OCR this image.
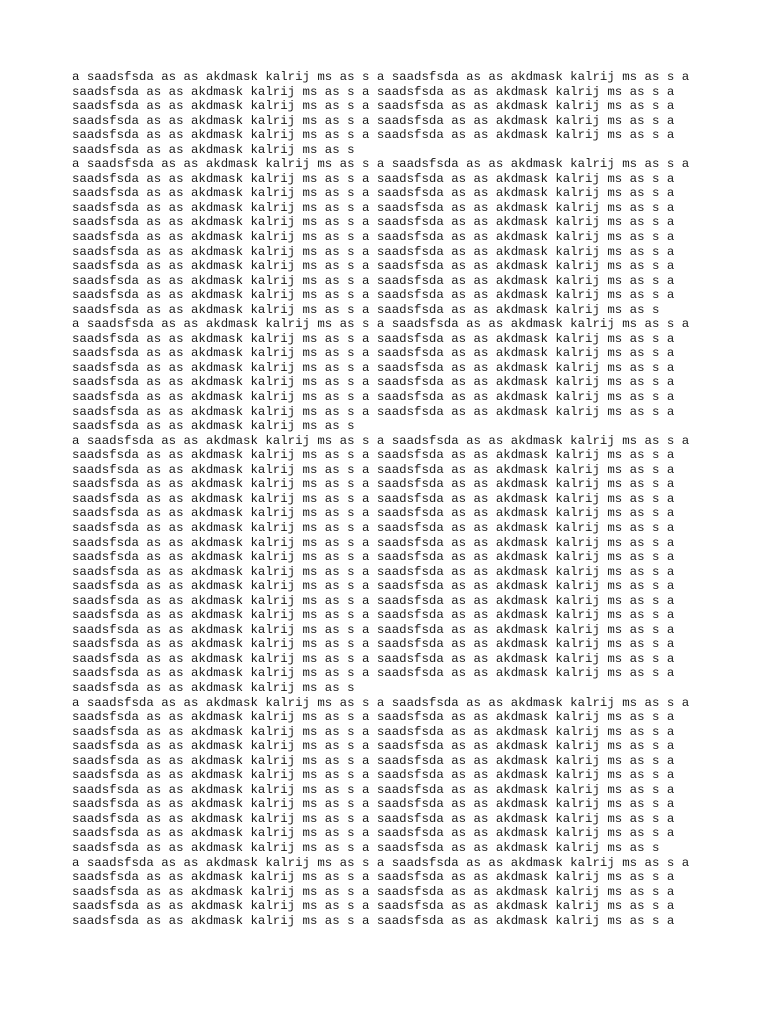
a saadsfsda as as akdmask kalrij ms as s a saadsfsda as as akdmask kalrij ms as s a
saadsfsda as as akdmask kalrij ms as s a saadsfsda as as akdmask kalrij ms as s a
saadsfsda as as akdmask kalrij ms as s a saadsfsda as as akdmask kalrij ms as s a
saadsfsda as as akdmask kalrij ms as s a saadsfsda as as akdmask kalrij ms as s a
saadsfsda as as akdmask kalrij ms as s a saadsfsda as as akdmask kalrij ms as s a
saadsfsda as as akdmask kalrij ms as s
a saadsfsda as as akdmask kalrij ms as s a saadsfsda as as akdmask kalrij ms as s a
saadsfsda as as akdmask kalrij ms as s a saadsfsda as as akdmask kalrij ms as s a
saadsfsda as as akdmask kalrij ms as s a saadsfsda as as akdmask kalrij ms as s a
saadsfsda as as akdmask kalrij ms as s a saadsfsda as as akdmask kalrij ms as s a
saadsfsda as as akdmask kalrij ms as s a saadsfsda as as akdmask kalrij ms as s a
saadsfsda as as akdmask kalrij ms as s a saadsfsda as as akdmask kalrij ms as s a
saadsfsda as as akdmask kalrij ms as s a saadsfsda as as akdmask kalrij ms as s a
saadsfsda as as akdmask kalrij ms as s a saadsfsda as as akdmask kalrij ms as s a
saadsfsda as as akdmask kalrij ms as s a saadsfsda as as akdmask kalrij ms as s a
saadsfsda as as akdmask kalrij ms as s a saadsfsda as as akdmask kalrij ms as s a
saadsfsda as as akdmask kalrij ms as s a saadsfsda as as akdmask kalrij ms as s
a saadsfsda as as akdmask kalrij ms as s a saadsfsda as as akdmask kalrij ms as s a
saadsfsda as as akdmask kalrij ms as s a saadsfsda as as akdmask kalrij ms as s a
saadsfsda as as akdmask kalrij ms as s a saadsfsda as as akdmask kalrij ms as s a
saadsfsda as as akdmask kalrij ms as s a saadsfsda as as akdmask kalrij ms as s a
saadsfsda as as akdmask kalrij ms as s a saadsfsda as as akdmask kalrij ms as s a
saadsfsda as as akdmask kalrij ms as s a saadsfsda as as akdmask kalrij ms as s a
saadsfsda as as akdmask kalrij ms as s a saadsfsda as as akdmask kalrij ms as s a
saadsfsda as as akdmask kalrij ms as s
a saadsfsda as as akdmask kalrij ms as s a saadsfsda as as akdmask kalrij ms as s a
saadsfsda as as akdmask kalrij ms as s a saadsfsda as as akdmask kalrij ms as s a
saadsfsda as as akdmask kalrij ms as s a saadsfsda as as akdmask kalrij ms as s a
saadsfsda as as akdmask kalrij ms as s a saadsfsda as as akdmask kalrij ms as s a
saadsfsda as as akdmask kalrij ms as s a saadsfsda as as akdmask kalrij ms as s a
saadsfsda as as akdmask kalrij ms as s a saadsfsda as as akdmask kalrij ms as s a
saadsfsda as as akdmask kalrij ms as s a saadsfsda as as akdmask kalrij ms as s a
saadsfsda as as akdmask kalrij ms as s a saadsfsda as as akdmask kalrij ms as s a
saadsfsda as as akdmask kalrij ms as s a saadsfsda as as akdmask kalrij ms as s a
saadsfsda as as akdmask kalrij ms as s a saadsfsda as as akdmask kalrij ms as s a
saadsfsda as as akdmask kalrij ms as s a saadsfsda as as akdmask kalrij ms as s a
saadsfsda as as akdmask kalrij ms as s a saadsfsda as as akdmask kalrij ms as s a
saadsfsda as as akdmask kalrij ms as s a saadsfsda as as akdmask kalrij ms as s a
saadsfsda as as akdmask kalrij ms as s a saadsfsda as as akdmask kalrij ms as s a
saadsfsda as as akdmask kalrij ms as s a saadsfsda as as akdmask kalrij ms as s a
saadsfsda as as akdmask kalrij ms as s a saadsfsda as as akdmask kalrij ms as s a
saadsfsda as as akdmask kalrij ms as s a saadsfsda as as akdmask kalrij ms as s a
saadsfsda as as akdmask kalrij ms as s
a saadsfsda as as akdmask kalrij ms as s a saadsfsda as as akdmask kalrij ms as s a
saadsfsda as as akdmask kalrij ms as s a saadsfsda as as akdmask kalrij ms as s a
saadsfsda as as akdmask kalrij ms as s a saadsfsda as as akdmask kalrij ms as s a
saadsfsda as as akdmask kalrij ms as s a saadsfsda as as akdmask kalrij ms as s a
saadsfsda as as akdmask kalrij ms as s a saadsfsda as as akdmask kalrij ms as s a
saadsfsda as as akdmask kalrij ms as s a saadsfsda as as akdmask kalrij ms as s a
saadsfsda as as akdmask kalrij ms as s a saadsfsda as as akdmask kalrij ms as s a
saadsfsda as as akdmask kalrij ms as s a saadsfsda as as akdmask kalrij ms as s a
saadsfsda as as akdmask kalrij ms as s a saadsfsda as as akdmask kalrij ms as s a
saadsfsda as as akdmask kalrij ms as s a saadsfsda as as akdmask kalrij ms as s a
saadsfsda as as akdmask kalrij ms as s a saadsfsda as as akdmask kalrij ms as s
a saadsfsda as as akdmask kalrij ms as s a saadsfsda as as akdmask kalrij ms as s a
saadsfsda as as akdmask kalrij ms as s a saadsfsda as as akdmask kalrij ms as s a
saadsfsda as as akdmask kalrij ms as s a saadsfsda as as akdmask kalrij ms as s a
saadsfsda as as akdmask kalrij ms as s a saadsfsda as as akdmask kalrij ms as s a
saadsfsda as as akdmask kalrij ms as s a saadsfsda as as akdmask kalrij ms as s a
